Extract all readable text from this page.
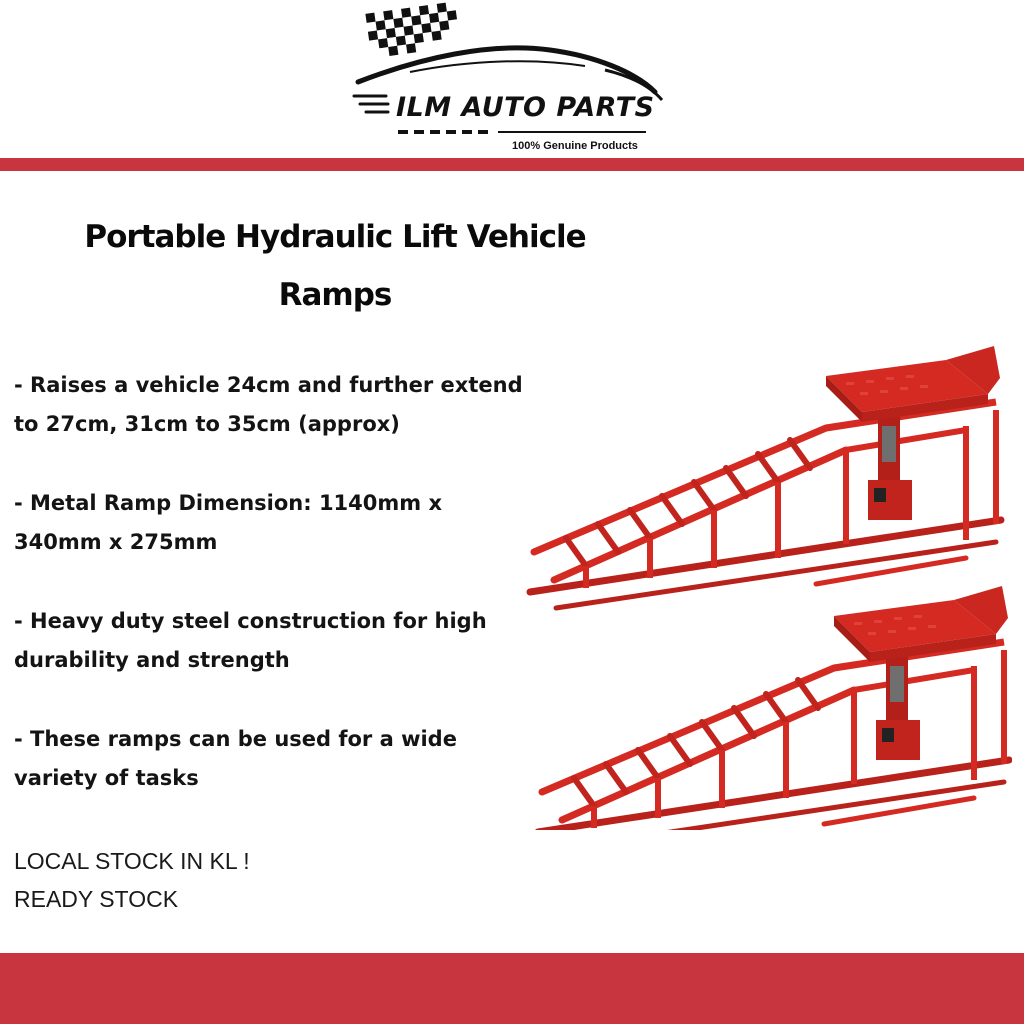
ILM AUTO PARTS
100% Genuine Products
Portable Hydraulic Lift Vehicle Ramps
- Raises a vehicle 24cm and further extend to 27cm, 31cm to 35cm (approx)
- Metal Ramp Dimension: 1140mm x 340mm x 275mm
- Heavy duty steel construction for high durability and strength
- These ramps can be used for a wide variety of tasks
LOCAL STOCK IN KL !
READY STOCK
